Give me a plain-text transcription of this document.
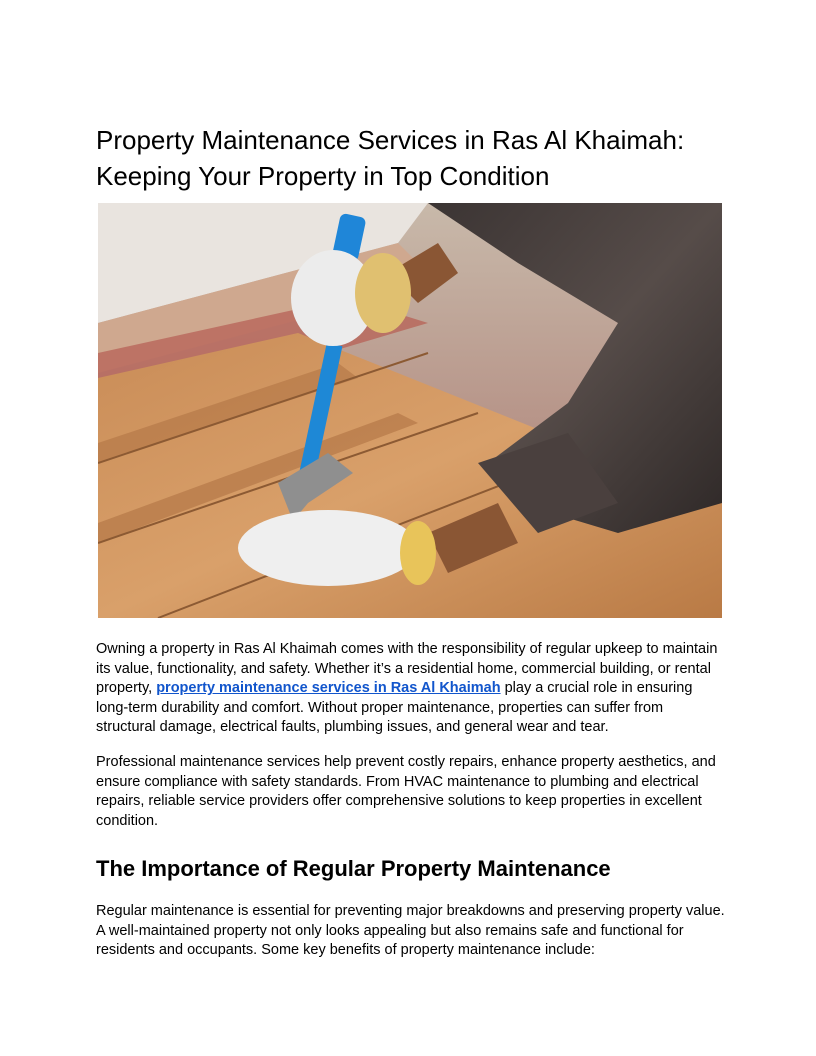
Property Maintenance Services in Ras Al Khaimah:
Keeping Your Property in Top Condition

Owning a property in Ras Al Khaimah comes with the responsibility of regular upkeep to maintain its value, functionality, and safety. Whether it’s a residential home, commercial building, or rental property, property maintenance services in Ras Al Khaimah play a crucial role in ensuring long-term durability and comfort. Without proper maintenance, properties can suffer from structural damage, electrical faults, plumbing issues, and general wear and tear.

Professional maintenance services help prevent costly repairs, enhance property aesthetics, and ensure compliance with safety standards. From HVAC maintenance to plumbing and electrical repairs, reliable service providers offer comprehensive solutions to keep properties in excellent condition.

The Importance of Regular Property Maintenance

Regular maintenance is essential for preventing major breakdowns and preserving property value. A well-maintained property not only looks appealing but also remains safe and functional for residents and occupants. Some key benefits of property maintenance include:
